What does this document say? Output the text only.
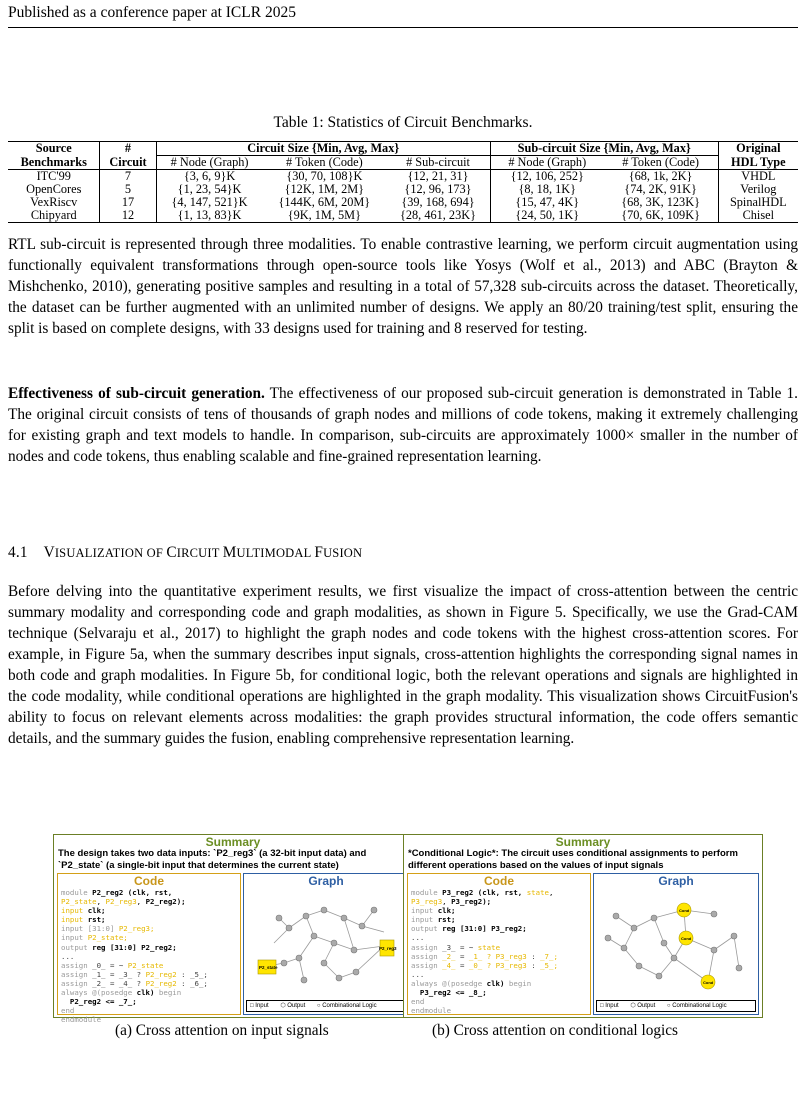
Published as a conference paper at ICLR 2025
Table 1: Statistics of Circuit Benchmarks.
Source	#	Circuit Size {Min, Avg, Max}			Sub-circuit Size {Min, Avg, Max}		Original
Benchmarks	Circuit	# Node (Graph)	# Token (Code)	# Sub-circuit	# Node (Graph)	# Token (Code)	HDL Type
ITC'99	7	{3, 6, 9}K	{30, 70, 108}K	{12, 21, 31}	{12, 106, 252}	{68, 1k, 2K}	VHDL
OpenCores	5	{1, 23, 54}K	{12K, 1M, 2M}	{12, 96, 173}	{8, 18, 1K}	{74, 2K, 91K}	Verilog
VexRiscv	17	{4, 147, 521}K	{144K, 6M, 20M}	{39, 168, 694}	{15, 47, 4K}	{68, 3K, 123K}	SpinalHDL
Chipyard	12	{1, 13, 83}K	{9K, 1M, 5M}	{28, 461, 23K}	{24, 50, 1K}	{70, 6K, 109K}	Chisel
RTL sub-circuit is represented through three modalities. To enable contrastive learning, we perform circuit augmentation using functionally equivalent transformations through open-source tools like Yosys (Wolf et al., 2013) and ABC (Brayton & Mishchenko, 2010), generating positive samples and resulting in a total of 57,328 sub-circuits across the dataset. Theoretically, the dataset can be further augmented with an unlimited number of designs. We apply an 80/20 training/test split, ensuring the split is based on complete designs, with 33 designs used for training and 8 reserved for testing.
Effectiveness of sub-circuit generation. The effectiveness of our proposed sub-circuit generation is demonstrated in Table 1. The original circuit consists of tens of thousands of graph nodes and millions of code tokens, making it extremely challenging for existing graph and text models to handle. In comparison, sub-circuits are approximately 1000× smaller in the number of nodes and code tokens, thus enabling scalable and fine-grained representation learning.
4.1 VISUALIZATION OF CIRCUIT MULTIMODAL FUSION
Before delving into the quantitative experiment results, we first visualize the impact of cross-attention between the centric summary modality and corresponding code and graph modalities, as shown in Figure 5. Specifically, we use the Grad-CAM technique (Selvaraju et al., 2017) to highlight the graph nodes and code tokens with the highest cross-attention scores. For example, in Figure 5a, when the summary describes input signals, cross-attention highlights the corresponding signal names in both code and graph modalities. In Figure 5b, for conditional logic, both the relevant operations and signals are highlighted in the code modality, while conditional operations are highlighted in the graph modality. This visualization shows CircuitFusion's ability to focus on relevant elements across modalities: the graph provides structural information, the code offers semantic details, and the summary guides the fusion, enabling comprehensive representation learning.
Summary
The design takes two data inputs: `P2_reg3` (a 32-bit input data) and `P2_state` (a single-bit input that determines the current state)
Code
module P2_reg2 (clk, rst,
P2_state, P2_reg3, P2_reg2);
input clk;
input rst;
input [31:0] P2_reg3;
input P2_state;
output reg [31:0] P2_reg2;
...
assign _0_ = ~ P2_state
assign _1_ = _3_ ? P2_reg2 : _5_;
assign _2_ = _4_ ? P2_reg2 : _6_;
always @(posedge clk) begin
P2_reg2 <= _7_;
end
endmodule
Graph
P2_state
P2_reg3
□ Input ⬡ Output ○ Combinational Logic
Summary
*Conditional Logic*: The circuit uses conditional assignments to perform different operations based on the values of input signals
Code
module P3_reg2 (clk, rst, state,
P3_reg3, P3_reg2);
input clk;
input rst;
output reg [31:0] P3_reg2;
...
assign _3_ = ~ state
assign _2_ = _1_ ? P3_reg3 : _7_;
assign _4_ = _0_ ? P3_reg3 : _5_;
...
always @(posedge clk) begin
P3_reg2 <= _8_;
end
endmodule
Graph
Cond
Cond
Cond
□ Input ⬡ Output ○ Combinational Logic
(a) Cross attention on input signals	(b) Cross attention on conditional logics
